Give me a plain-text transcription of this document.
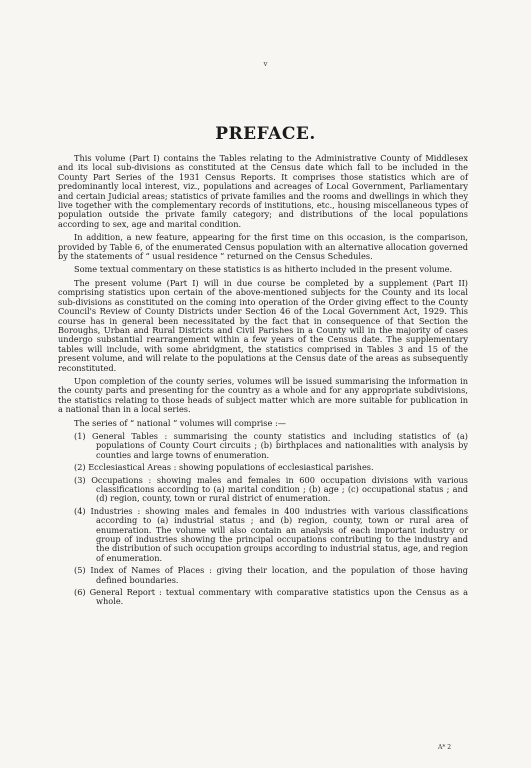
v
PREFACE.

This volume (Part I) contains the Tables relating to the Administrative County of Middlesex and its local sub-divisions as constituted at the Census date which fall to be included in the County Part Series of the 1931 Census Reports. It comprises those statistics which are of predominantly local interest, viz., populations and acreages of Local Government, Parliamentary and certain Judicial areas; statistics of private families and the rooms and dwellings in which they live together with the complementary records of institutions, etc., housing miscellaneous types of population outside the private family category; and distributions of the local populations according to sex, age and marital condition.

In addition, a new feature, appearing for the first time on this occasion, is the comparison, provided by Table 6, of the enumerated Census population with an alternative allocation governed by the statements of “ usual residence ” returned on the Census Schedules.

Some textual commentary on these statistics is as hitherto included in the present volume.

The present volume (Part I) will in due course be completed by a supplement (Part II) comprising statistics upon certain of the above-mentioned subjects for the County and its local sub-divisions as constituted on the coming into operation of the Order giving effect to the County Council's Review of County Districts under Section 46 of the Local Government Act, 1929. This course has in general been necessitated by the fact that in consequence of that Section the Boroughs, Urban and Rural Districts and Civil Parishes in a County will in the majority of cases undergo substantial rearrangement within a few years of the Census date. The supplementary tables will include, with some abridgment, the statistics comprised in Tables 3 and 15 of the present volume, and will relate to the populations at the Census date of the areas as subsequently reconstituted.

Upon completion of the county series, volumes will be issued summarising the information in the county parts and presenting for the country as a whole and for any appropriate subdivisions, the statistics relating to those heads of subject matter which are more suitable for publication in a national than in a local series.

The series of “ national ” volumes will comprise :—

(1) General Tables : summarising the county statistics and including statistics of (a) populations of County Court circuits ; (b) birthplaces and nationalities with analysis by counties and large towns of enumeration.
(2) Ecclesiastical Areas : showing populations of ecclesiastical parishes.
(3) Occupations : showing males and females in 600 occupation divisions with various classifications according to (a) marital condition ; (b) age ; (c) occupational status ; and (d) region, county, town or rural district of enumeration.
(4) Industries : showing males and females in 400 industries with various classifications according to (a) industrial status ; and (b) region, county, town or rural area of enumeration. The volume will also contain an analysis of each important industry or group of industries showing the principal occupations contributing to the industry and the distribution of such occupation groups according to industrial status, age, and region of enumeration.
(5) Index of Names of Places : giving their location, and the population of those having defined boundaries.
(6) General Report : textual commentary with comparative statistics upon the Census as a whole.
A* 2
